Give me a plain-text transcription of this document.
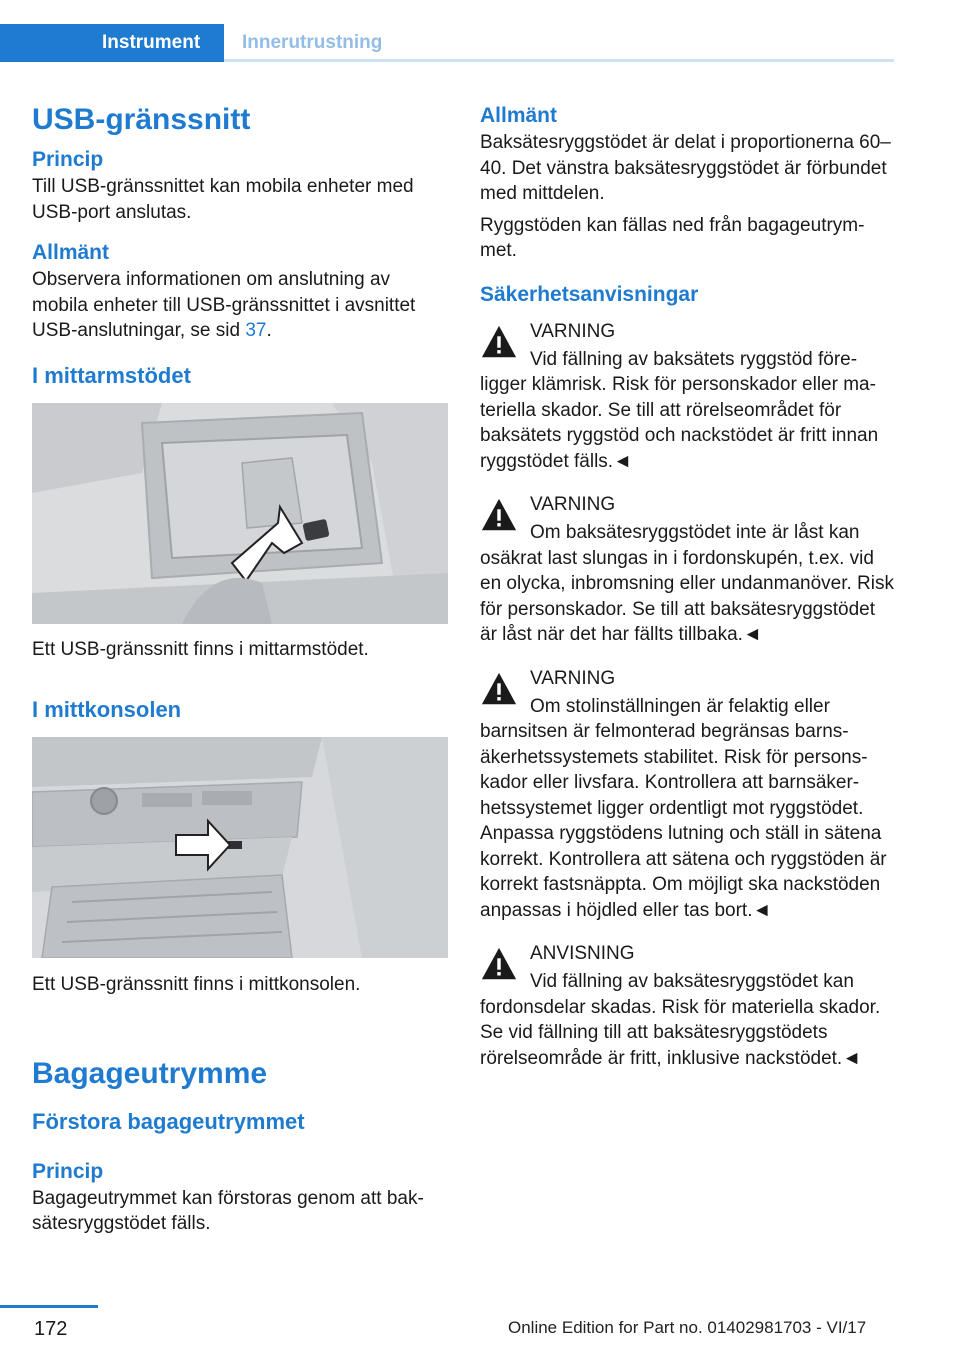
Instrument	Innerutrustning
USB-gränssnitt
Princip

Till USB-gränssnittet kan mobila enheter med USB-port anslutas.

Allmänt

Observera informationen om anslutning av mobila enheter till USB-gränssnittet i avsnittet USB-anslutningar, se sid 37.

I mittarmstödet

Ett USB-gränssnitt finns i mittarmstödet.

I mittkonsolen

Ett USB-gränssnitt finns i mittkonsolen.

Bagageutrymme
Förstora bagageutrymmet
Princip

Bagageutrymmet kan förstoras genom att baksätesryggstödet fälls.

Allmänt

Baksätesryggstödet är delat i proportionerna 60–40. Det vänstra baksätesryggstödet är förbundet med mittdelen.

Ryggstöden kan fällas ned från bagageutrymmet.

Säkerhetsanvisningar
VARNING
Vid fällning av baksätets ryggstöd föreligger klämrisk. Risk för personskador eller materiella skador. Se till att rörelseområdet för baksätets ryggstöd och nackstödet är fritt innan ryggstödet fälls.◄
VARNING
Om baksätesryggstödet inte är låst kan osäkrat last slungas in i fordonskupén, t.ex. vid en olycka, inbromsning eller undanmanöver. Risk för personskador. Se till att baksätesryggstödet är låst när det har fällts tillbaka.◄
VARNING
Om stolinställningen är felaktig eller barnsitsen är felmonterad begränsas barnsäkerhetssystemets stabilitet. Risk för personskador eller livsfara. Kontrollera att barnsäkerhetssystemet ligger ordentligt mot ryggstödet. Anpassa ryggstödens lutning och ställ in sätena korrekt. Kontrollera att sätena och ryggstöden är korrekt fastsnäppta. Om möjligt ska nackstöden anpassas i höjdled eller tas bort.◄
ANVISNING
Vid fällning av baksätesryggstödet kan fordonsdelar skadas. Risk för materiella skador. Se vid fällning till att baksätesryggstödets rörelseområde är fritt, inklusive nackstödet.◄
172	Online Edition for Part no. 01402981703 - VI/17
